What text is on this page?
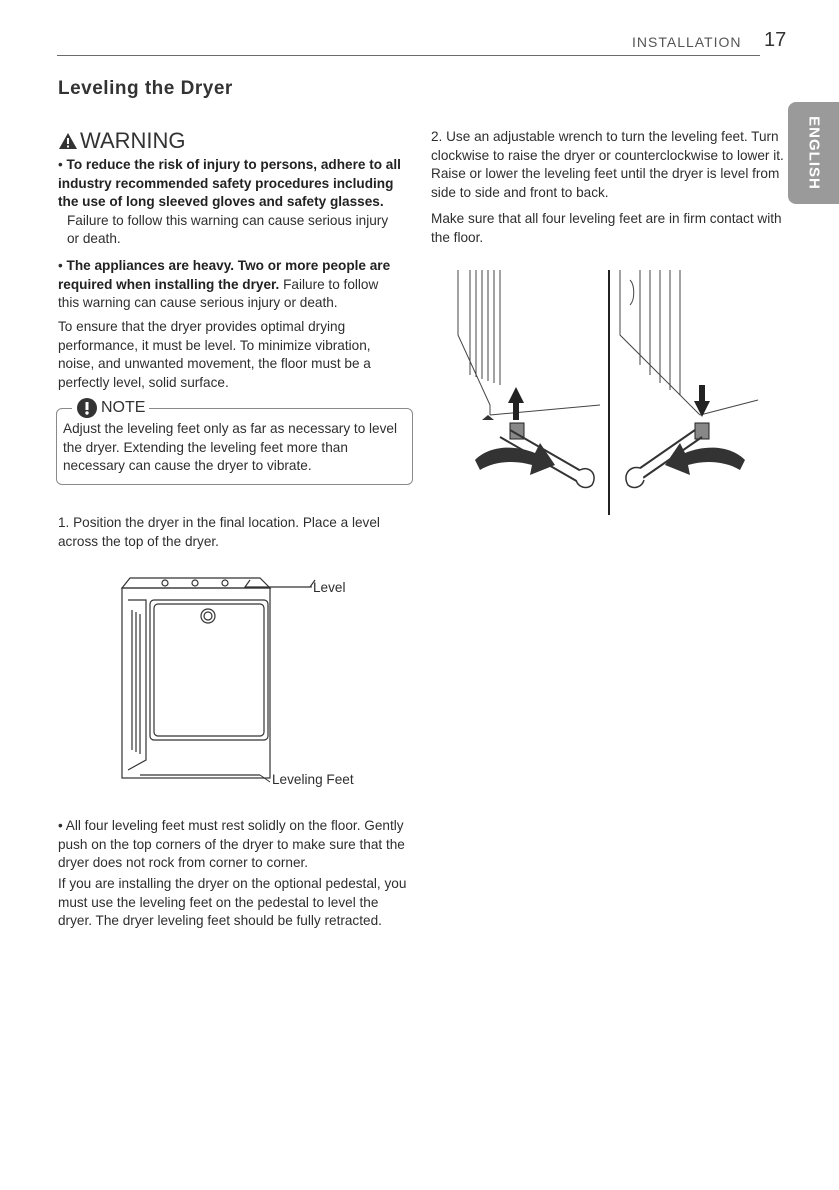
INSTALLATION 17
ENGLISH
Leveling the Dryer
WARNING
• To reduce the risk of injury to persons, adhere to all industry recommended safety procedures including the use of long sleeved gloves and safety glasses.
Failure to follow this warning can cause serious injury or death.
• The appliances are heavy. Two or more people are required when installing the dryer. Failure to follow this warning can cause serious injury or death.
To ensure that the dryer provides optimal drying performance, it must be level. To minimize vibration, noise, and unwanted movement, the floor must be a perfectly level, solid surface.
NOTE
Adjust the leveling feet only as far as necessary to level the dryer. Extending the leveling feet more than necessary can cause the dryer to vibrate.
1. Position the dryer in the final location. Place a level across the top of the dryer.
Level
Leveling Feet
• All four leveling feet must rest solidly on the floor. Gently push on the top corners of the dryer to make sure that the dryer does not rock from corner to corner.
If you are installing the dryer on the optional pedestal, you must use the leveling feet on the pedestal to level the dryer. The dryer leveling feet should be fully retracted.
2. Use an adjustable wrench to turn the leveling feet. Turn clockwise to raise the dryer or counterclockwise to lower it. Raise or lower the leveling feet until the dryer is level from side to side and front to back.
Make sure that all four leveling feet are in firm contact with the floor.
